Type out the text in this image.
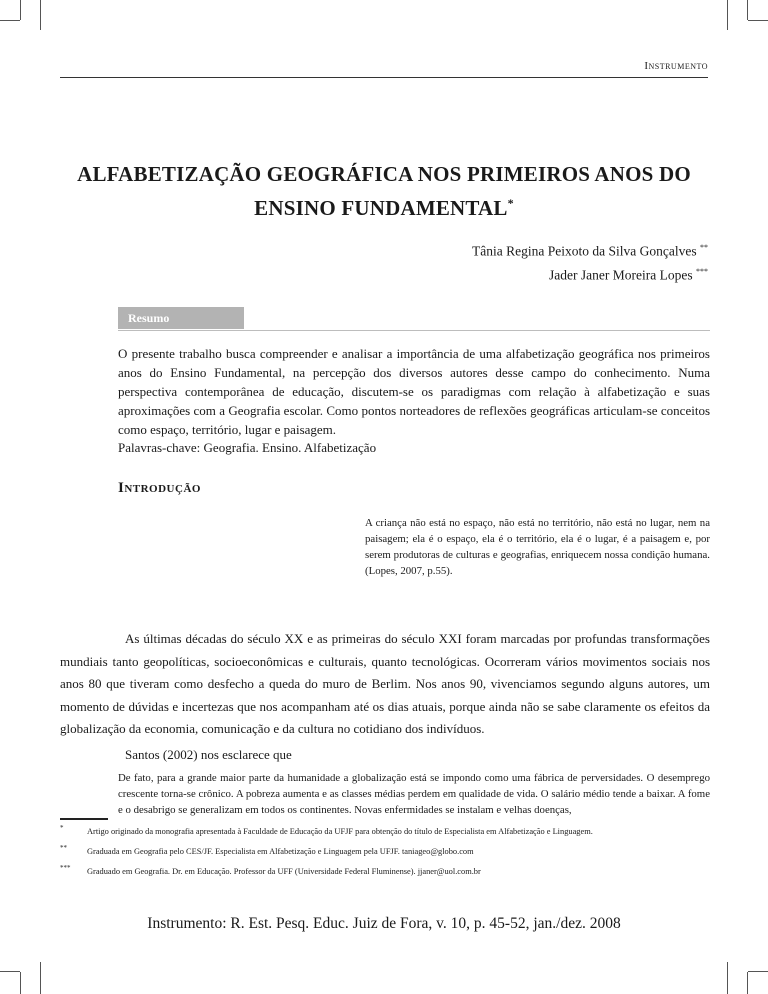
Instrumento
ALFABETIZAÇÃO GEOGRÁFICA NOS PRIMEIROS ANOS DO ENSINO FUNDAMENTAL*
Tânia Regina Peixoto da Silva Gonçalves **
Jader Janer Moreira Lopes ***
Resumo

O presente trabalho busca compreender e analisar a importância de uma alfabetização geográfica nos primeiros anos do Ensino Fundamental, na percepção dos diversos autores desse campo do conhecimento. Numa perspectiva contemporânea de educação, discutem-se os paradigmas com relação à alfabetização e suas aproximações com a Geografia escolar. Como pontos norteadores de reflexões geográficas articulam-se conceitos como espaço, território, lugar e paisagem.

Palavras-chave: Geografia. Ensino. Alfabetização
Introdução

A criança não está no espaço, não está no território, não está no lugar, nem na paisagem; ela é o espaço, ela é o território, ela é o lugar, é a paisagem e, por serem produtoras de culturas e geografias, enriquecem nossa condição humana. (Lopes, 2007, p.55).

As últimas décadas do século XX e as primeiras do século XXI foram marcadas por profundas transformações mundiais tanto geopolíticas, socioeconômicas e culturais, quanto tecnológicas. Ocorreram vários movimentos sociais nos anos 80 que tiveram como desfecho a queda do muro de Berlim. Nos anos 90, vivenciamos segundo alguns autores, um momento de dúvidas e incertezas que nos acompanham até os dias atuais, porque ainda não se sabe claramente os efeitos da globalização da economia, comunicação e da cultura no cotidiano dos indivíduos.

Santos (2002) nos esclarece que

De fato, para a grande maior parte da humanidade a globalização está se impondo como uma fábrica de perversidades. O desemprego crescente torna-se crônico. A pobreza aumenta e as classes médias perdem em qualidade de vida. O salário médio tende a baixar. A fome e o desabrigo se generalizam em todos os continentes. Novas enfermidades se instalam e velhas doenças,

*	Artigo originado da monografia apresentada à Faculdade de Educação da UFJF para obtenção do título de Especialista em Alfabetização e Linguagem.
** Graduada em Geografia pelo CES/JF. Especialista em Alfabetização e Linguagem pela UFJF. taniageo@globo.com
*** Graduado em Geografia. Dr. em Educação. Professor da UFF (Universidade Federal Fluminense). jjaner@uol.com.br
Instrumento: R. Est. Pesq. Educ. Juiz de Fora, v. 10, p. 45-52, jan./dez. 2008
